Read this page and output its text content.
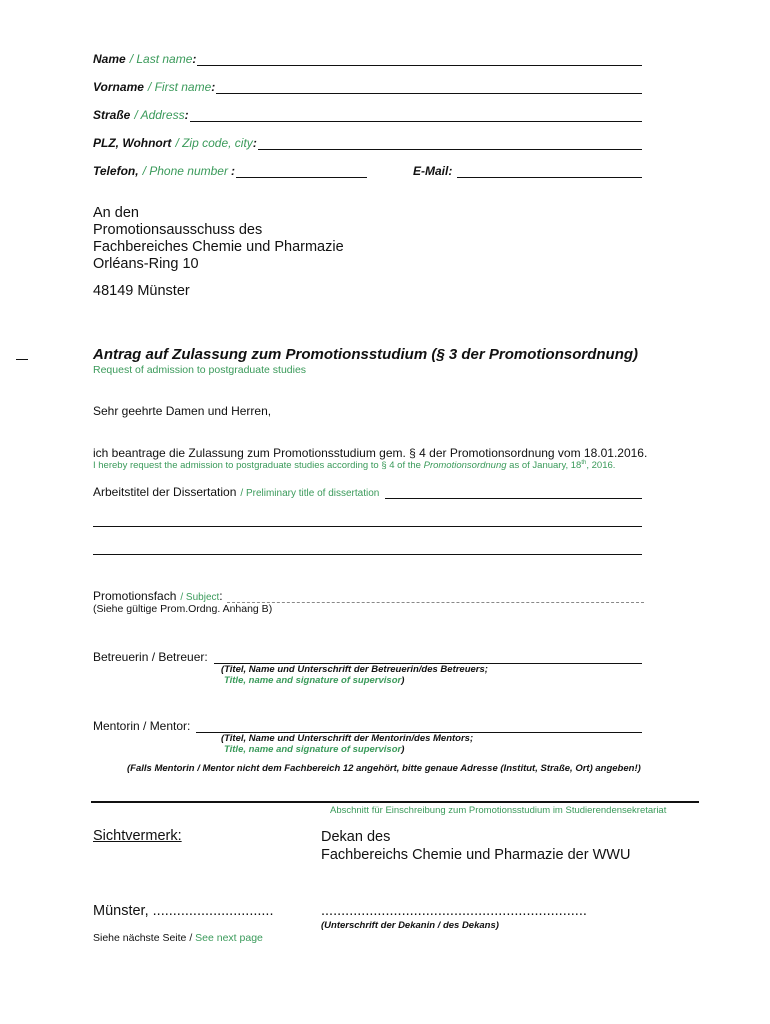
Name / Last name :
Vorname / First name :
Straße / Address :
PLZ, Wohnort / Zip code, city :
Telefon, / Phone number :	E-Mail:
An den
Promotionsausschuss des
Fachbereiches Chemie und Pharmazie
Orléans-Ring 10
48149 Münster
Antrag auf Zulassung zum Promotionsstudium (§ 3 der Promotionsordnung)
Request of admission to postgraduate studies
Sehr geehrte Damen und Herren,
ich beantrage die Zulassung zum Promotionsstudium gem. § 4 der Promotionsordnung vom 18.01.2016.
I hereby request the admission to postgraduate studies according to § 4 of the Promotionsordnung as of January, 18th, 2016.
Arbeitstitel der Dissertation / Preliminary title of dissertation
Promotionsfach / Subject :
(Siehe gültige Prom.Ordng. Anhang B)
Betreuerin / Betreuer:
(Titel, Name und Unterschrift der Betreuerin/des Betreuers;
Title, name and signature of supervisor)
Mentorin / Mentor:
(Titel, Name und Unterschrift der Mentorin/des Mentors;
Title, name and signature of supervisor)
(Falls Mentorin / Mentor nicht dem Fachbereich 12 angehört, bitte genaue Adresse (Institut, Straße, Ort) angeben!)
Abschnitt für Einschreibung zum Promotionsstudium im Studierendensekretariat
Sichtvermerk:	Dekan des
Fachbereichs Chemie und Pharmazie der WWU
Münster, ..............................	..................................................................
(Unterschrift der Dekanin / des Dekans)
Siehe nächste Seite / See next page
